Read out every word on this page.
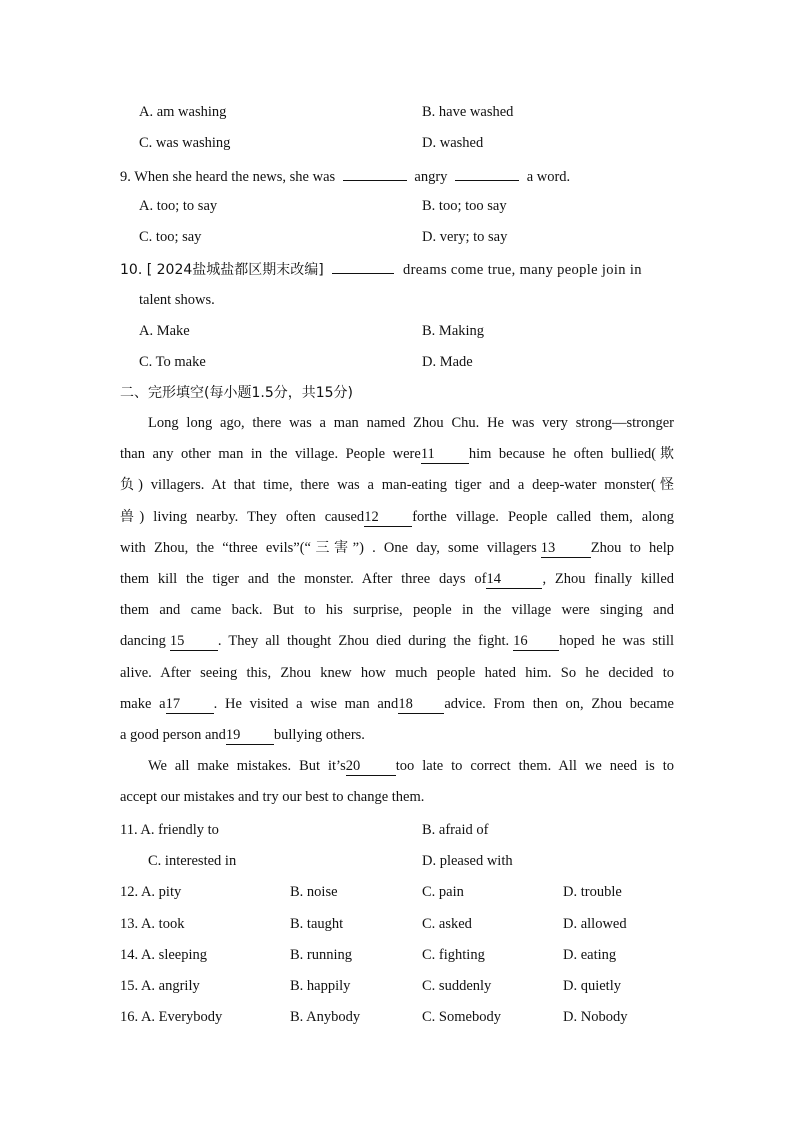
A. am washing	B. have washed
C. was washing	D. washed
9. When she heard the news, she was	angry	a word.
A. too; to say	B. too; too say
C. too; say	D. very; to say
10. [ 2024盐城盐都区期末改编]	dreams come true, many people join in
talent shows.
A. Make	B. Making
C. To make	D. Made
二、完形填空(每小题1.5分，共15分)
Long long ago, there was a man named Zhou Chu. He was very strong—stronger
than any other man in the village. People were11 him because he often bullied(欺
负) villagers. At that time, there was a man-eating tiger and a deep-water monster(怪
兽) living nearby. They often caused12 forthe village. People called them, along
with Zhou, the “three evils”(“三害”) . One day, some villagers 13 Zhou to help
them kill the tiger and the monster. After three days of14	, Zhou finally killed
them and came back. But to his surprise, people in the village were singing and
dancing 15 . They all thought Zhou died during the fight. 16 hoped he was still
alive. After seeing this, Zhou knew how much people hated him. So he decided to
make a17 . He visited a wise man and18 advice. From then on, Zhou became
a good person and19 bullying others.
We all make mistakes. But it’s20 too late to correct them. All we need is to
accept our mistakes and try our best to change them.
11. A. friendly to	B. afraid of
C. interested in	D. pleased with
12. A. pity	B. noise	C. pain	D. trouble
13. A. took	B. taught	C. asked	D. allowed
14. A. sleeping	B. running	C. fighting	D. eating
15. A. angrily	B. happily	C. suddenly	D. quietly
16. A. Everybody	B. Anybody	C. Somebody	D. Nobody
